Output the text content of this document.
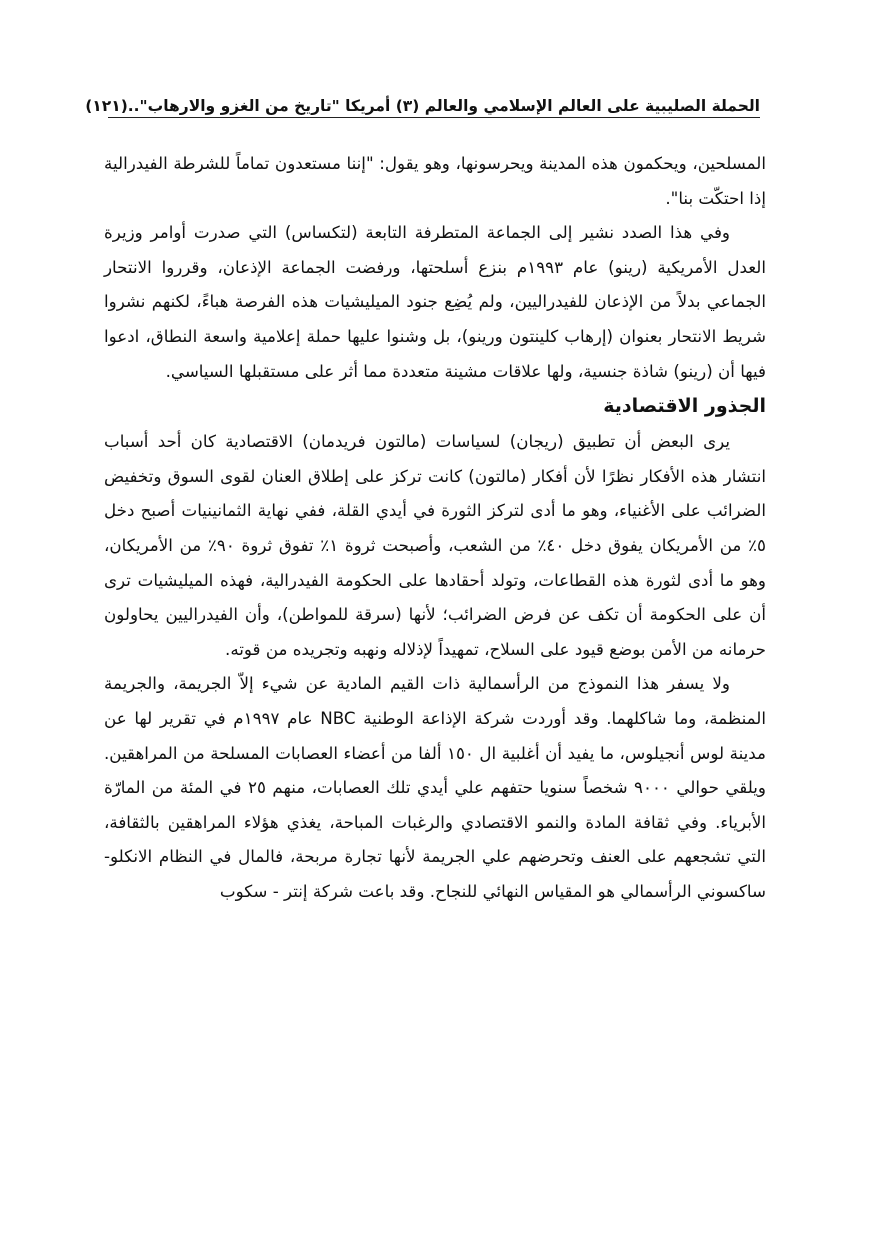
الحملة الصليبية على العالم الإسلامي والعالم (٣) أمريكا "تاريخ من الغزو والارهاب"..
(١٢١)

المسلحين، ويحكمون هذه المدينة ويحرسونها، وهو يقول: "إننا مستعدون تماماً للشرطة الفيدرالية إذا احتكّت بنا".

وفي هذا الصدد نشير إلى الجماعة المتطرفة التابعة (لتكساس) التي صدرت أوامر وزيرة العدل الأمريكية (رينو) عام ١٩٩٣م بنزع أسلحتها، ورفضت الجماعة الإذعان، وقرروا الانتحار الجماعي بدلاً من الإذعان للفيدراليين، ولم يُضِع جنود الميليشيات هذه الفرصة هباءً، لكنهم نشروا شريط الانتحار بعنوان (إرهاب كلينتون ورينو)، بل وشنوا عليها حملة إعلامية واسعة النطاق، ادعوا فيها أن (رينو) شاذة جنسية، ولها علاقات مشينة متعددة مما أثر على مستقبلها السياسي.

الجذور الاقتصادية

يرى البعض أن تطبيق (ريجان) لسياسات (مالتون فريدمان) الاقتصادية كان أحد أسباب انتشار هذه الأفكار نظرًا لأن أفكار (مالتون) كانت تركز على إطلاق العنان لقوى السوق وتخفيض الضرائب على الأغنياء، وهو ما أدى لتركز الثورة في أيدي القلة، ففي نهاية الثمانينيات أصبح دخل ٥٪ من الأمريكان يفوق دخل ٤٠٪ من الشعب، وأصبحت ثروة ١٪ تفوق ثروة ٩٠٪ من الأمريكان، وهو ما أدى لثورة هذه القطاعات، وتولد أحقادها على الحكومة الفيدرالية، فهذه الميليشيات ترى أن على الحكومة أن تكف عن فرض الضرائب؛ لأنها (سرقة للمواطن)، وأن الفيدراليين يحاولون حرمانه من الأمن بوضع قيود على السلاح، تمهيداً لإذلاله ونهبه وتجريده من قوته.

ولا يسفر هذا النموذج من الرأسمالية ذات القيم المادية عن شيء إلاّ الجريمة، والجريمة المنظمة، وما شاكلهما. وقد أوردت شركة الإذاعة الوطنية NBC عام ١٩٩٧م في تقرير لها عن مدينة لوس أنجيلوس، ما يفيد أن أغلبية ال ١٥٠ ألفا من أعضاء العصابات المسلحة من المراهقين. ويلقي حوالي ٩٠٠٠ شخصاً سنويا حتفهم علي أيدي تلك العصابات، منهم ٢٥ في المئة من المارّة الأبرياء. وفي ثقافة المادة والنمو الاقتصادي والرغبات المباحة، يغذي هؤلاء المراهقين بالثقافة، التي تشجعهم على العنف وتحرضهم علي الجريمة لأنها تجارة مربحة، فالمال في النظام الانكلو- ساكسوني الرأسمالي هو المقياس النهائي للنجاح. وقد باعت شركة إنتر - سكوب
